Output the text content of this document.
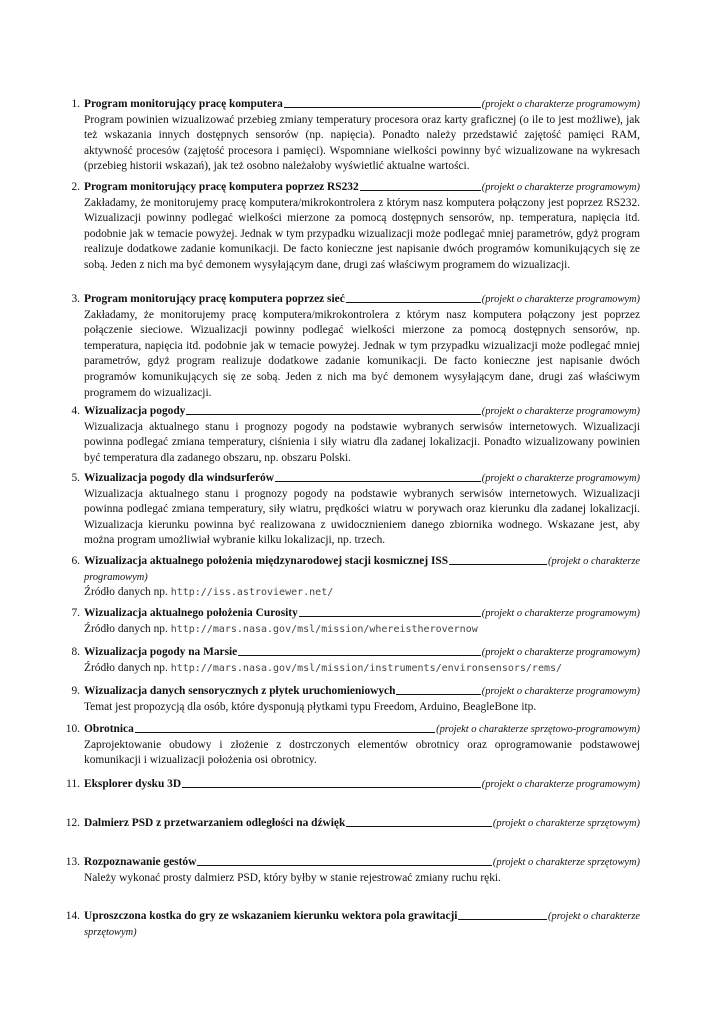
1. Program monitorujący pracę komputera	(projekt o charakterze programowym)
Program powinien wizualizować przebieg zmiany temperatury procesora oraz karty graficznej (o ile to jest możliwe), jak też wskazania innych dostępnych sensorów (np. napięcia). Ponadto należy przedstawić zajętość pamięci RAM, aktywność procesów (zajętość procesora i pamięci). Wspomniane wielkości powinny być wizualizowane na wykresach (przebieg historii wskazań), jak też osobno należałoby wyświetlić aktualne wartości.
2. Program monitorujący pracę komputera poprzez RS232	(projekt o charakterze programowym)
Zakładamy, że monitorujemy pracę komputera/mikrokontrolera z którym nasz komputera połączony jest poprzez RS232. Wizualizacji powinny podlegać wielkości mierzone za pomocą dostępnych sensorów, np. temperatura, napięcia itd. podobnie jak w temacie powyżej. Jednak w tym przypadku wizualizacji może podlegać mniej parametrów, gdyż program realizuje dodatkowe zadanie komunikacji. De facto konieczne jest napisanie dwóch programów komunikujących się ze sobą. Jeden z nich ma być demonem wysyłającym dane, drugi zaś właściwym programem do wizualizacji.
3. Program monitorujący pracę komputera poprzez sieć	(projekt o charakterze programowym)
Zakładamy, że monitorujemy pracę komputera/mikrokontrolera z którym nasz komputera połączony jest poprzez połączenie sieciowe. Wizualizacji powinny podlegać wielkości mierzone za pomocą dostępnych sensorów, np. temperatura, napięcia itd. podobnie jak w temacie powyżej. Jednak w tym przypadku wizualizacji może podlegać mniej parametrów, gdyż program realizuje dodatkowe zadanie komunikacji. De facto konieczne jest napisanie dwóch programów komunikujących się ze sobą. Jeden z nich ma być demonem wysyłającym dane, drugi zaś właściwym programem do wizualizacji.
4. Wizualizacja pogody	(projekt o charakterze programowym)
Wizualizacja aktualnego stanu i prognozy pogody na podstawie wybranych serwisów internetowych. Wizualizacji powinna podlegać zmiana temperatury, ciśnienia i siły wiatru dla zadanej lokalizacji. Ponadto wizualizowany powinien być temperatura dla zadanego obszaru, np. obszaru Polski.
5. Wizualizacja pogody dla windsurferów	(projekt o charakterze programowym)
Wizualizacja aktualnego stanu i prognozy pogody na podstawie wybranych serwisów internetowych. Wizualizacji powinna podlegać zmiana temperatury, siły wiatru, prędkości wiatru w porywach oraz kierunku dla zadanej lokalizacji. Wizualizacja kierunku powinna być realizowana z uwidocznieniem danego zbiornika wodnego. Wskazane jest, aby można program umożliwiał wybranie kilku lokalizacji, np. trzech.
6. Wizualizacja aktualnego położenia międzynarodowej stacji kosmicznej ISS	(projekt o charakterze
programowym)
Źródło danych np. http://iss.astroviewer.net/
7. Wizualizacja aktualnego położenia Curosity	(projekt o charakterze programowym)
Źródło danych np. http://mars.nasa.gov/msl/mission/whereistherovernow
8. Wizualizacja pogody na Marsie	(projekt o charakterze programowym)
Źródło danych np. http://mars.nasa.gov/msl/mission/instruments/environsensors/rems/
9. Wizualizacja danych sensorycznych z płytek uruchomieniowych	(projekt o charakterze programowym)
Temat jest propozycją dla osób, które dysponują płytkami typu Freedom, Arduino, BeagleBone itp.
10. Obrotnica	(projekt o charakterze sprzętowo-programowym)
Zaprojektowanie obudowy i złożenie z dostrczonych elementów obrotnicy oraz oprogramowanie podstawowej komunikacji i wizualizacji położenia osi obrotnicy.
11. Eksplorer dysku 3D	(projekt o charakterze programowym)
12. Dalmierz PSD z przetwarzaniem odległości na dźwięk	(projekt o charakterze sprzętowym)
13. Rozpoznawanie gestów	(projekt o charakterze sprzętowym)
Należy wykonać prosty dalmierz PSD, który byłby w stanie rejestrować zmiany ruchu ręki.
14. Uproszczona kostka do gry ze wskazaniem kierunku wektora pola grawitacji	(projekt o charakterze
sprzętowym)
